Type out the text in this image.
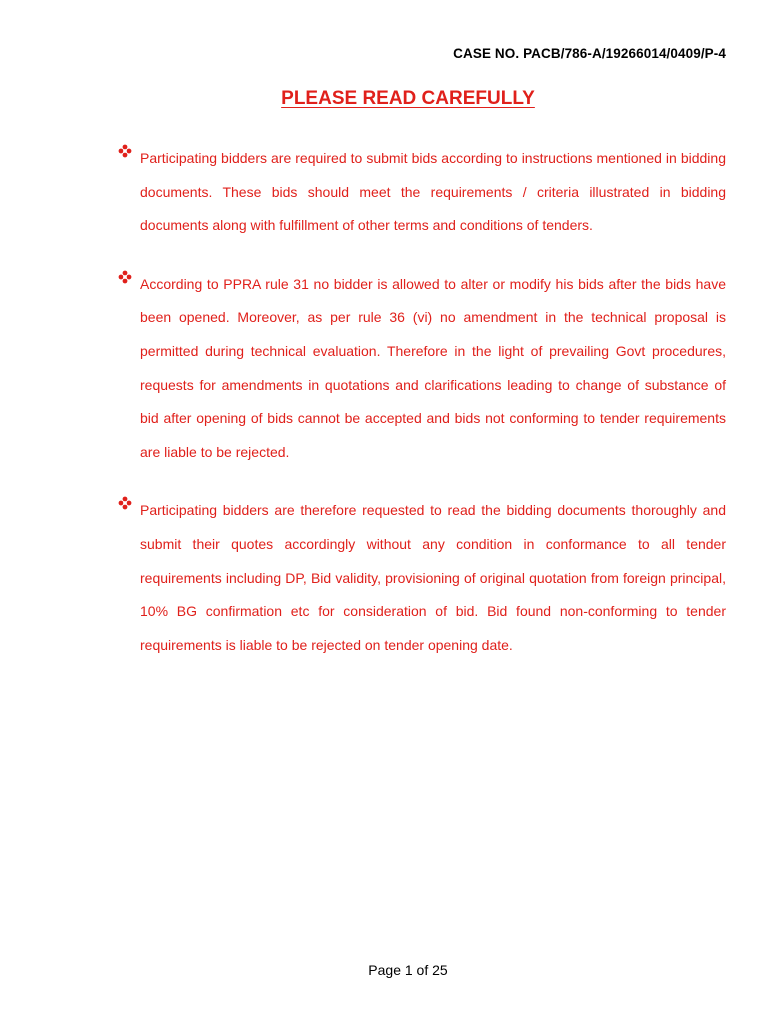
CASE NO. PACB/786-A/19266014/0409/P-4
PLEASE READ CAREFULLY
Participating bidders are required to submit bids according to instructions mentioned in bidding documents. These bids should meet the requirements / criteria illustrated in bidding documents along with fulfillment of other terms and conditions of tenders.
According to PPRA rule 31 no bidder is allowed to alter or modify his bids after the bids have been opened. Moreover, as per rule 36 (vi) no amendment in the technical proposal is permitted during technical evaluation. Therefore in the light of prevailing Govt procedures, requests for amendments in quotations and clarifications leading to change of substance of bid after opening of bids cannot be accepted and bids not conforming to tender requirements are liable to be rejected.
Participating bidders are therefore requested to read the bidding documents thoroughly and submit their quotes accordingly without any condition in conformance to all tender requirements including DP, Bid validity, provisioning of original quotation from foreign principal, 10% BG confirmation etc for consideration of bid. Bid found non-conforming to tender requirements is liable to be rejected on tender opening date.
Page 1 of 25
